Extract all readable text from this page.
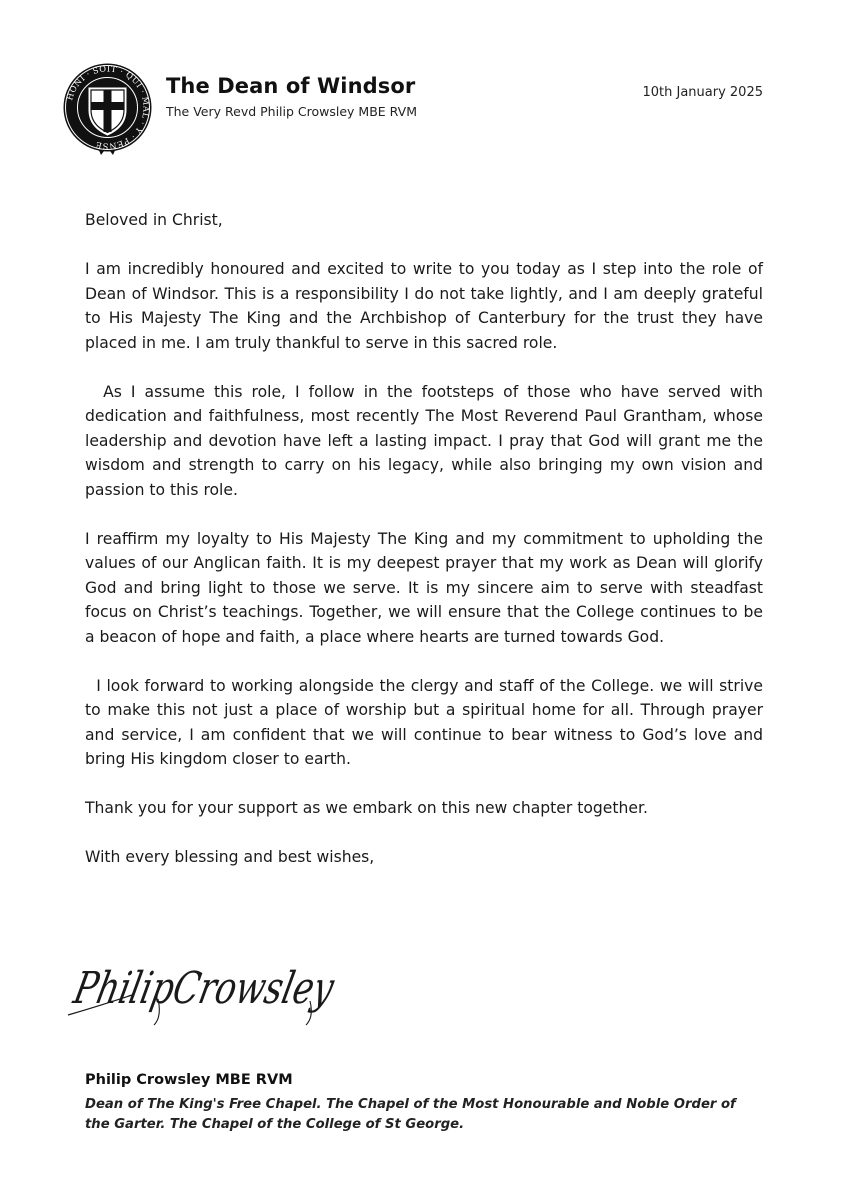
HONI · SOIT · QUI · MAL · Y · PENSE
The Dean of Windsor
The Very Revd Philip Crowsley MBE RVM
10th January 2025

Beloved in Christ,

I am incredibly honoured and excited to write to you today as I step into the role of Dean of Windsor. This is a responsibility I do not take lightly, and I am deeply grateful to His Majesty The King and the Archbishop of Canterbury for the trust they have placed in me. I am truly thankful to serve in this sacred role.

As I assume this role, I follow in the footsteps of those who have served with dedication and faithfulness, most recently The Most Reverend Paul Grantham, whose leadership and devotion have left a lasting impact. I pray that God will grant me the wisdom and strength to carry on his legacy, while also bringing my own vision and passion to this role.

I reaffirm my loyalty to His Majesty The King and my commitment to upholding the values of our Anglican faith. It is my deepest prayer that my work as Dean will glorify God and bring light to those we serve. It is my sincere aim to serve with steadfast focus on Christ’s teachings. Together, we will ensure that the College continues to be a beacon of hope and faith, a place where hearts are turned towards God.

I look forward to working alongside the clergy and staff of the College. we will strive to make this not just a place of worship but a spiritual home for all. Through prayer and service, I am confident that we will continue to bear witness to God’s love and bring His kingdom closer to earth.

Thank you for your support as we embark on this new chapter together.

With every blessing and best wishes,

PhilipCrowsley
Philip Crowsley MBE RVM
Dean of The King's Free Chapel. The Chapel of the Most Honourable and Noble Order of the Garter. The Chapel of the College of St George.
